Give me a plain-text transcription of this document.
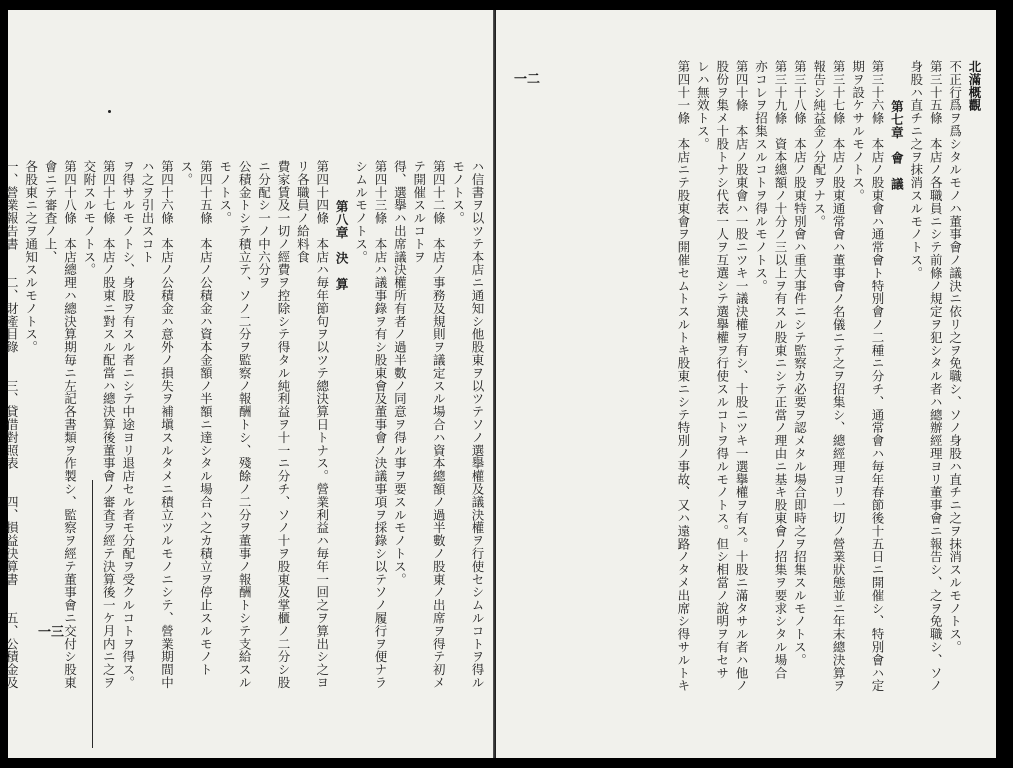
ハ信書ヲ以ツテ本店ニ通知シ他股東ヲ以ツテソノ選擧權及議決權ヲ行使セシムルコトヲ得ルモノトス。

第四十二條　本店ノ事務及規則ヲ議定スル場合ハ資本總額ノ過半數ノ股東ノ出席ヲ得テ初メテ開催スルコトヲ

得、選擧ハ出席議決權所有者ノ過半數ノ同意ヲ得ル事ヲ要スルモノトス。

第四十三條　本店ハ議事錄ヲ有シ股東會及董事會ノ決議事項ヲ採錄シ以テソノ履行ヲ便ナラシムルモノトス。

第八章　決　算

第四十四條　本店ハ毎年節句ヲ以ツテ總決算日トナス。營業利益ハ毎年一回之ヲ算出シ之ヨリ各職員ノ給料食

費家賃及一切ノ經費ヲ控除シテ得タル純利益ヲ十一ニ分チ、ソノ十ヲ股東及掌櫃ノ二分シ股ニ分配シ一ノ中六分ヲ

公積金トシテ積立テ、ソノ二分ヲ監察ノ報酬トシ、殘餘ノ二分ヲ董事ノ報酬トシテ支給スルモノトス。

第四十五條　本店ノ公積金ハ資本金額ノ半額ニ達シタル場合ハ之カ積立ヲ停止スルモノトス。

第四十六條　本店ノ公積金ハ意外ノ損失ヲ補塡スルタメニ積立ツルモノニシテ、營業期間中ハ之ヲ引出スコト

ヲ得サルモノトシ、身股ヲ有スル者ニシテ中途ヨリ退店セル者モ分配ヲ受クルコトヲ得ス。

第四十七條　本店ノ股東ニ對スル配當ハ總決算後董事會ノ審査ヲ經テ決算後一ケ月内ニ之ヲ交附スルモノトス。

第四十八條　本店總理ハ總決算期毎ニ左記各書類ヲ作製シ、監察ヲ經テ董事會ニ交付シ股東會ニテ審査ノ上、

各股東ニ之ヲ通知スルモノトス。

一、營業報告書　　二、財產目錄　　三、貸借對照表　　四、損益決算書　　五、公積金及

一三
一二	北滿概觀

不正行爲ヲ爲シタルモノハ董事會ノ議決ニ依リ之ヲ免職シ、ソノ身股ハ直チニ之ヲ抹消スルモノトス。

第三十五條　本店ノ各職員ニシテ前條ノ規定ヲ犯シタル者ハ總辦經理ヨリ董事會ニ報告シ、之ヲ免職シ、ソノ

身股ハ直チニ之ヲ抹消スルモノトス。

第七章　會　議

第三十六條　本店ノ股東會ハ通常會ト特別會ノ二種ニ分チ、通常會ハ毎年春節後十五日ニ開催シ、特別會ハ定

期ヲ設ケサルモノトス。

第三十七條　本店ノ股東通常會ハ董事會ノ名儀ニテ之ヲ招集シ、總經理ヨリ一切ノ營業狀態並ニ年末總決算ヲ

報告シ純益金ノ分配ヲナス。

第三十八條　本店ノ股東特別會ハ重大事件ニシテ監察カ必要ヲ認メタル場合即時之ヲ招集スルモノトス。

第三十九條　資本總額ノ十分ノ三以上ヲ有スル股東ニシテ正當ノ理由ニ基キ股東會ノ招集ヲ要求シタル場合

亦コレヲ招集スルコトヲ得ルモノトス。

第四十條　本店ノ股東會ハ一股ニツキ一議決權ヲ有シ、十股ニツキ一選擧權ヲ有ス。十股ニ滿タサル者ハ他ノ

股份ヲ集メ十股トナシ代表一人ヲ互選シテ選擧權ヲ行使スルコトヲ得ルモノトス。但シ相當ノ說明ヲ有セサ

レハ無效トス。

第四十一條　本店ニテ股東會ヲ開催セムトスルトキ股東ニシテ特別ノ事故、又ハ遠路ノタメ出席シ得サルトキ
